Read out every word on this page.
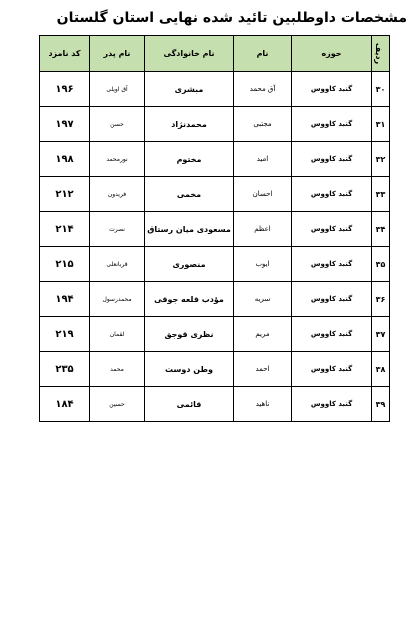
مشخصات داوطلبین تائید شده نهایی استان گلستان
ردیف	حوزه	نام	نام خانوادگی	نام پدر	کد نامزد
۳۰	گنبد کاووس	آق محمد	مبشری	آق اویلی	۱۹۶
۳۱	گنبد کاووس	مجتبی	محمدنژاد	حسن	۱۹۷
۳۲	گنبد کاووس	امید	مختوم	نورمحمد	۱۹۸
۳۳	گنبد کاووس	احسان	مخمی	فریدون	۲۱۲
۳۴	گنبد کاووس	اعظم	مسعودی میان رستاق	نصرت	۲۱۴
۳۵	گنبد کاووس	ایوب	منصوری	قربانعلی	۲۱۵
۳۶	گنبد کاووس	سریه	مؤدب قلعه جوقی	محمدرسول	۱۹۴
۳۷	گنبد کاووس	مریم	نظری قوجق	لقمان	۲۱۹
۳۸	گنبد کاووس	احمد	وطن دوست	محمد	۲۳۵
۳۹	گنبد کاووس	ناهید	قائمی	حسین	۱۸۴
